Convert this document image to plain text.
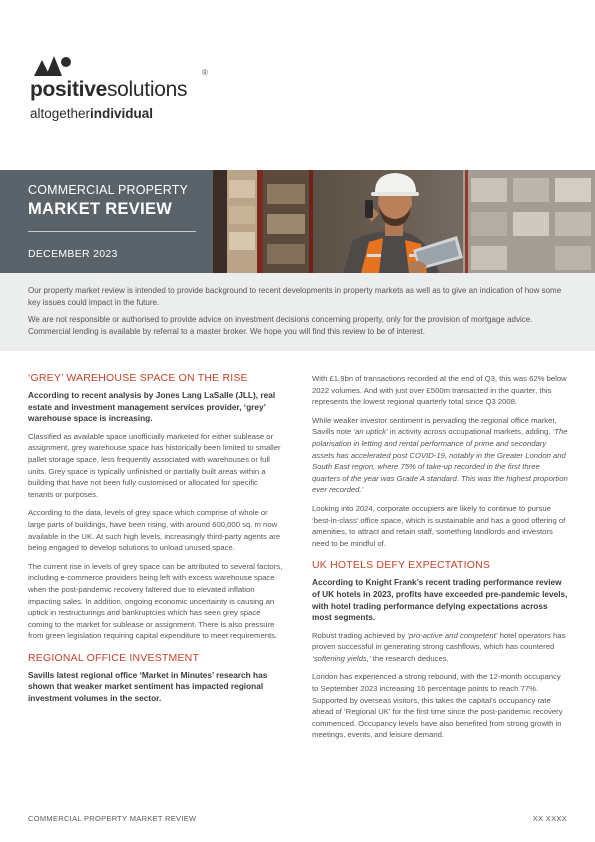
positivesolutions
®
altogetherindividual
COMMERCIAL PROPERTY
MARKET REVIEW
DECEMBER 2023

Our property market review is intended to provide background to recent developments in property markets as well as to give an indication of how some key issues could impact in the future.

We are not responsible or authorised to provide advice on investment decisions concerning property, only for the provision of mortgage advice. Commercial lending is available by referral to a master broker. We hope you will find this review to be of interest.

‘GREY’ WAREHOUSE SPACE ON THE RISE

According to recent analysis by Jones Lang LaSalle (JLL), real estate and investment management services provider, ‘grey’ warehouse space is increasing.

Classified as available space unofficially marketed for either sublease or assignment, grey warehouse space has historically been limited to smaller pallet storage space, less frequently associated with warehouses or full units. Grey space is typically unfinished or partially built areas within a building that have not been fully customised or allocated for specific tenants or purposes.

According to the data, levels of grey space which comprise of whole or large parts of buildings, have been rising, with around 600,000 sq. m now available in the UK. At such high levels, increasingly third-party agents are being engaged to develop solutions to unload unused space.

The current rise in levels of grey space can be attributed to several factors, including e-commerce providers being left with excess warehouse space when the post-pandemic recovery faltered due to elevated inflation impacting sales. In addition, ongoing economic uncertainty is causing an uptick in restructurings and bankruptcies which has seen grey space coming to the market for sublease or assignment. There is also pressure from green legislation requiring capital expenditure to meet requirements.

REGIONAL OFFICE INVESTMENT

Savills latest regional office ‘Market in Minutes’ research has shown that weaker market sentiment has impacted regional investment volumes in the sector.

With £1.9bn of transactions recorded at the end of Q3, this was 62% below 2022 volumes. And with just over £500m transacted in the quarter, this represents the lowest regional quarterly total since Q3 2008.

While weaker investor sentiment is pervading the regional office market, Savills note ‘an uptick’ in activity across occupational markets, adding, ‘The polarisation in letting and rental performance of prime and secondary assets has accelerated post COVID-19, notably in the Greater London and South East region, where 75% of take-up recorded in the first three quarters of the year was Grade A standard. This was the highest proportion ever recorded.’

Looking into 2024, corporate occupiers are likely to continue to pursue ‘best-in-class’ office space, which is sustainable and has a good offering of amenities, to attract and retain staff, something landlords and investors need to be mindful of.

UK HOTELS DEFY EXPECTATIONS

According to Knight Frank’s recent trading performance review of UK hotels in 2023, profits have exceeded pre-pandemic levels, with hotel trading performance defying expectations across most segments.

Robust trading achieved by ‘pro-active and competent’ hotel operators has proven successful in generating strong cashflows, which has countered ‘softening yields,’ the research deduces.

London has experienced a strong rebound, with the 12-month occupancy to September 2023 increasing 16 percentage points to reach 77%. Supported by overseas visitors, this takes the capital’s occupancy rate ahead of ‘Regional UK’ for the first time since the post-pandemic recovery commenced. Occupancy levels have also benefited from strong growth in meetings, events, and leisure demand.

COMMERCIAL PROPERTY MARKET REVIEW	XX XXXX
